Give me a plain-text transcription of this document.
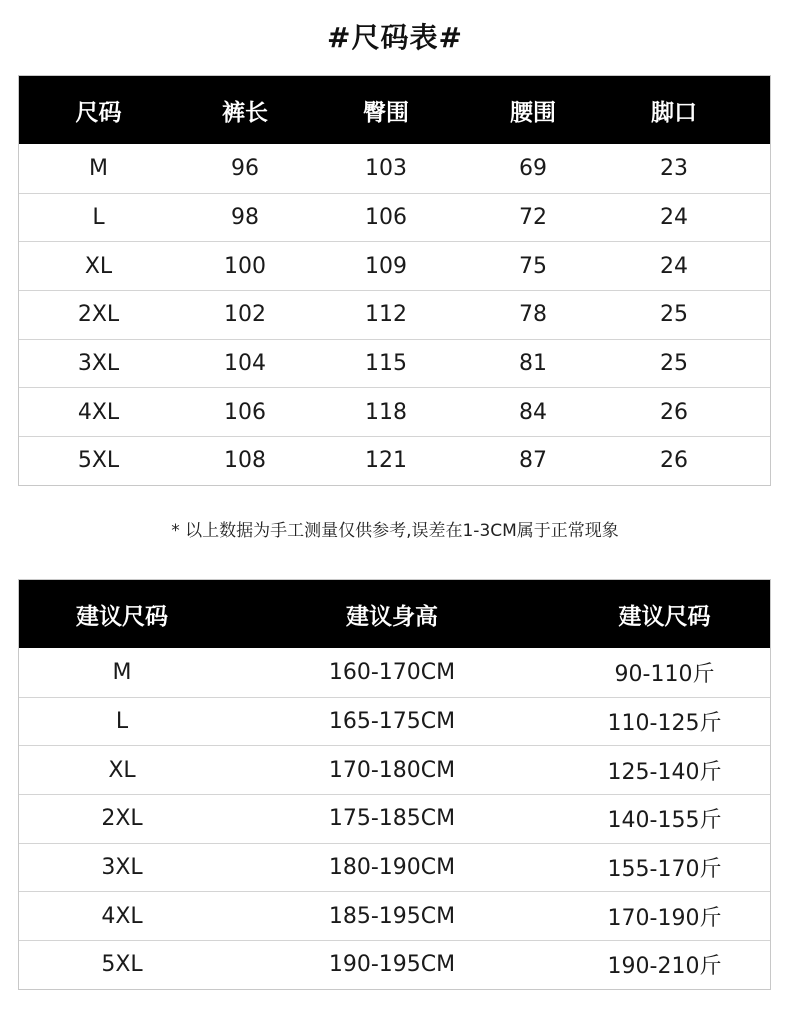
#尺码表#
尺码	裤长	臀围	腰围	脚口
M	96	103	69	23
L	98	106	72	24
XL	100	109	75	24
2XL	102	112	78	25
3XL	104	115	81	25
4XL	106	118	84	26
5XL	108	121	87	26
* 以上数据为手工测量仅供参考,误差在1-3CM属于正常现象
建议尺码	建议身高	建议尺码
M	160-170CM	90-110斤
L	165-175CM	110-125斤
XL	170-180CM	125-140斤
2XL	175-185CM	140-155斤
3XL	180-190CM	155-170斤
4XL	185-195CM	170-190斤
5XL	190-195CM	190-210斤
